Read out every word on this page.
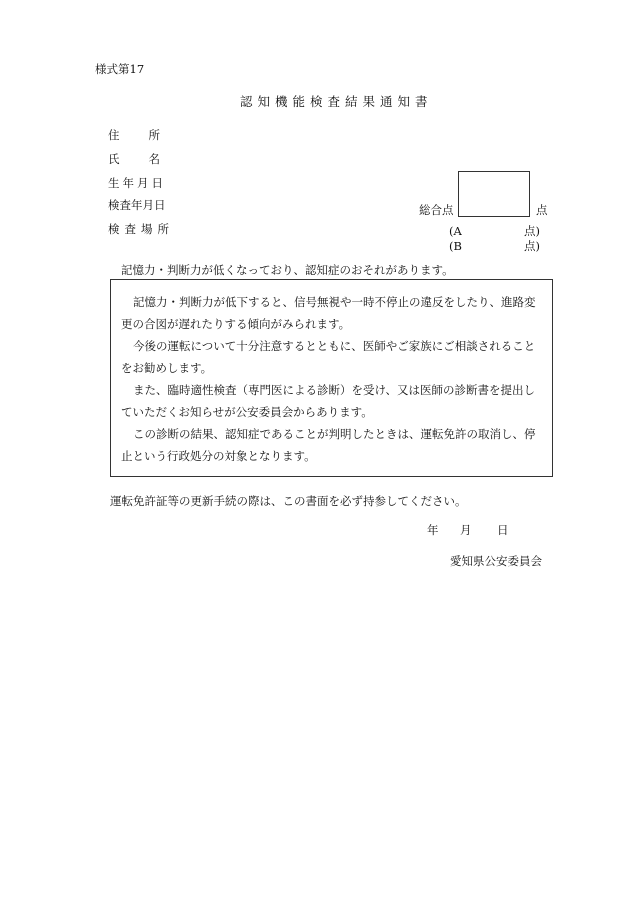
様式第17
認知機能検査結果通知書
住　　所
氏　　名
生年月日
検査年月日
検査場所
総合点	点
(A	点)
(B	点)
記憶力・判断力が低くなっており、認知症のおそれがあります。
記憶力・判断力が低下すると、信号無視や一時不停止の違反をしたり、進路変更の合図が遅れたりする傾向がみられます。
今後の運転について十分注意するとともに、医師やご家族にご相談されることをお勧めします。
また、臨時適性検査（専門医による診断）を受け、又は医師の診断書を提出していただくお知らせが公安委員会からあります。
この診断の結果、認知症であることが判明したときは、運転免許の取消し、停止という行政処分の対象となります。
運転免許証等の更新手続の際は、この書面を必ず持参してください。
年 月 日
愛知県公安委員会
